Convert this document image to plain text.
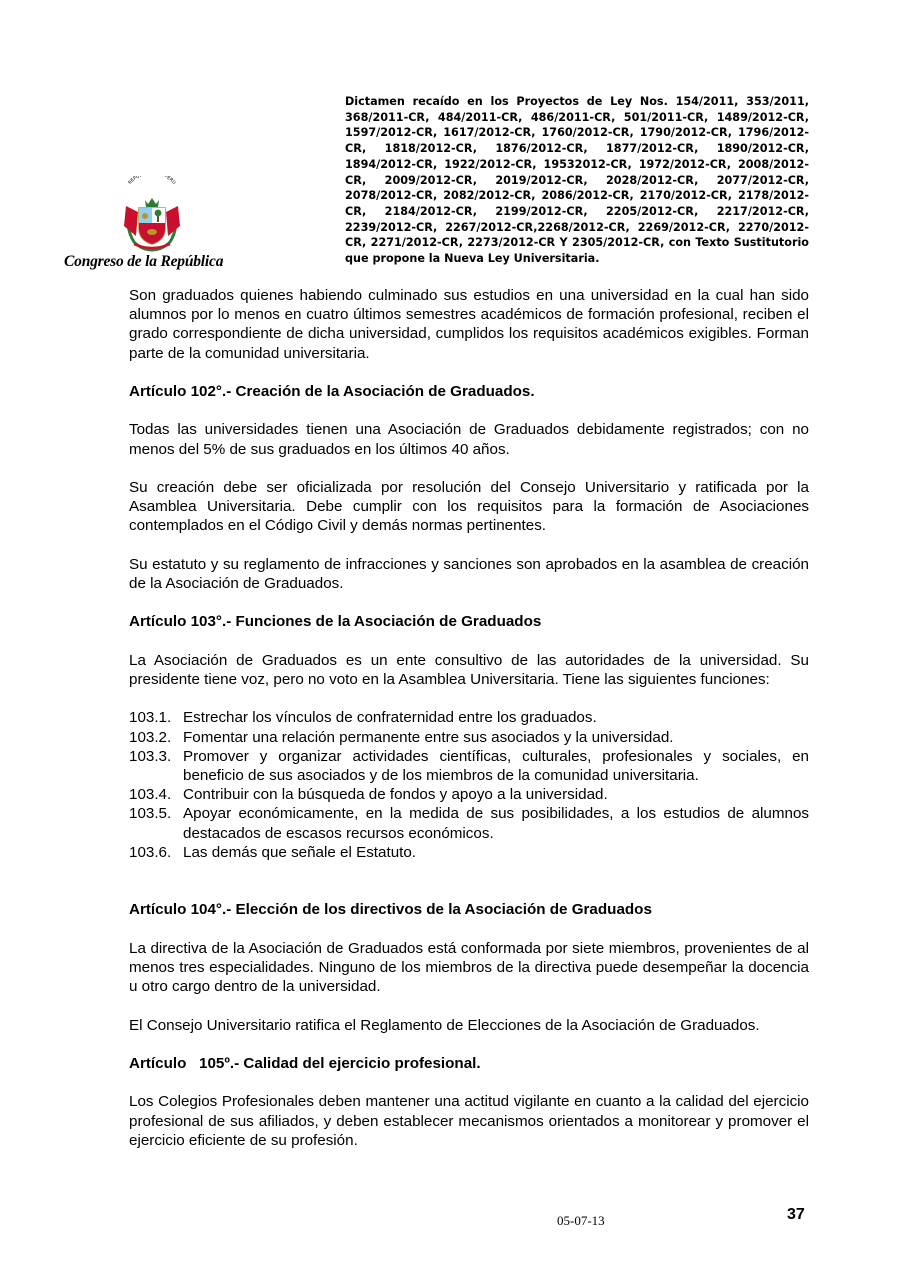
Dictamen recaído en los Proyectos de Ley Nos. 154/2011, 353/2011, 368/2011-CR, 484/2011-CR, 486/2011-CR, 501/2011-CR, 1489/2012-CR, 1597/2012-CR, 1617/2012-CR, 1760/2012-CR, 1790/2012-CR, 1796/2012-CR, 1818/2012-CR, 1876/2012-CR, 1877/2012-CR, 1890/2012-CR, 1894/2012-CR, 1922/2012-CR, 19532012-CR, 1972/2012-CR, 2008/2012-CR, 2009/2012-CR, 2019/2012-CR, 2028/2012-CR, 2077/2012-CR, 2078/2012-CR, 2082/2012-CR, 2086/2012-CR, 2170/2012-CR, 2178/2012-CR, 2184/2012-CR, 2199/2012-CR, 2205/2012-CR, 2217/2012-CR, 2239/2012-CR, 2267/2012-CR,2268/2012-CR, 2269/2012-CR, 2270/2012-CR, 2271/2012-CR, 2273/2012-CR Y 2305/2012-CR, con Texto Sustitutorio que propone la Nueva Ley Universitaria.
REPU PERU
Congreso de la República

Son graduados quienes habiendo culminado sus estudios en una universidad en la cual han sido alumnos por lo menos en cuatro últimos semestres académicos de formación profesional, reciben el grado correspondiente de dicha universidad, cumplidos los requisitos académicos exigibles. Forman parte de la comunidad universitaria.

Artículo 102°.- Creación de la Asociación de Graduados.

Todas las universidades tienen una Asociación de Graduados debidamente registrados; con no menos del 5% de sus graduados en los últimos 40 años.

Su creación debe ser oficializada por resolución del Consejo Universitario y ratificada por la Asamblea Universitaria. Debe cumplir con los requisitos para la formación de Asociaciones contemplados en el Código Civil y demás normas pertinentes.

Su estatuto y su reglamento de infracciones y sanciones son aprobados en la asamblea de creación de la Asociación de Graduados.

Artículo 103°.- Funciones de la Asociación de Graduados

La Asociación de Graduados es un ente consultivo de las autoridades de la universidad. Su presidente tiene voz, pero no voto en la Asamblea Universitaria. Tiene las siguientes funciones:

103.1. Estrechar los vínculos de confraternidad entre los graduados.
103.2. Fomentar una relación permanente entre sus asociados y la universidad.
103.3. Promover y organizar actividades científicas, culturales, profesionales y sociales, en beneficio de sus asociados y de los miembros de la comunidad universitaria.
103.4. Contribuir con la búsqueda de fondos y apoyo a la universidad.
103.5. Apoyar económicamente, en la medida de sus posibilidades, a los estudios de alumnos destacados de escasos recursos económicos.
103.6. Las demás que señale el Estatuto.

Artículo 104°.- Elección de los directivos de la Asociación de Graduados

La directiva de la Asociación de Graduados está conformada por siete miembros, provenientes de al menos tres especialidades. Ninguno de los miembros de la directiva puede desempeñar la docencia u otro cargo dentro de la universidad.

El Consejo Universitario ratifica el Reglamento de Elecciones de la Asociación de Graduados.

Artículo   105º.- Calidad del ejercicio profesional.

Los Colegios Profesionales deben mantener una actitud vigilante en cuanto a la calidad del ejercicio profesional de sus afiliados, y deben establecer mecanismos orientados a monitorear y promover el ejercicio eficiente de su profesión.

05-07-13	37
